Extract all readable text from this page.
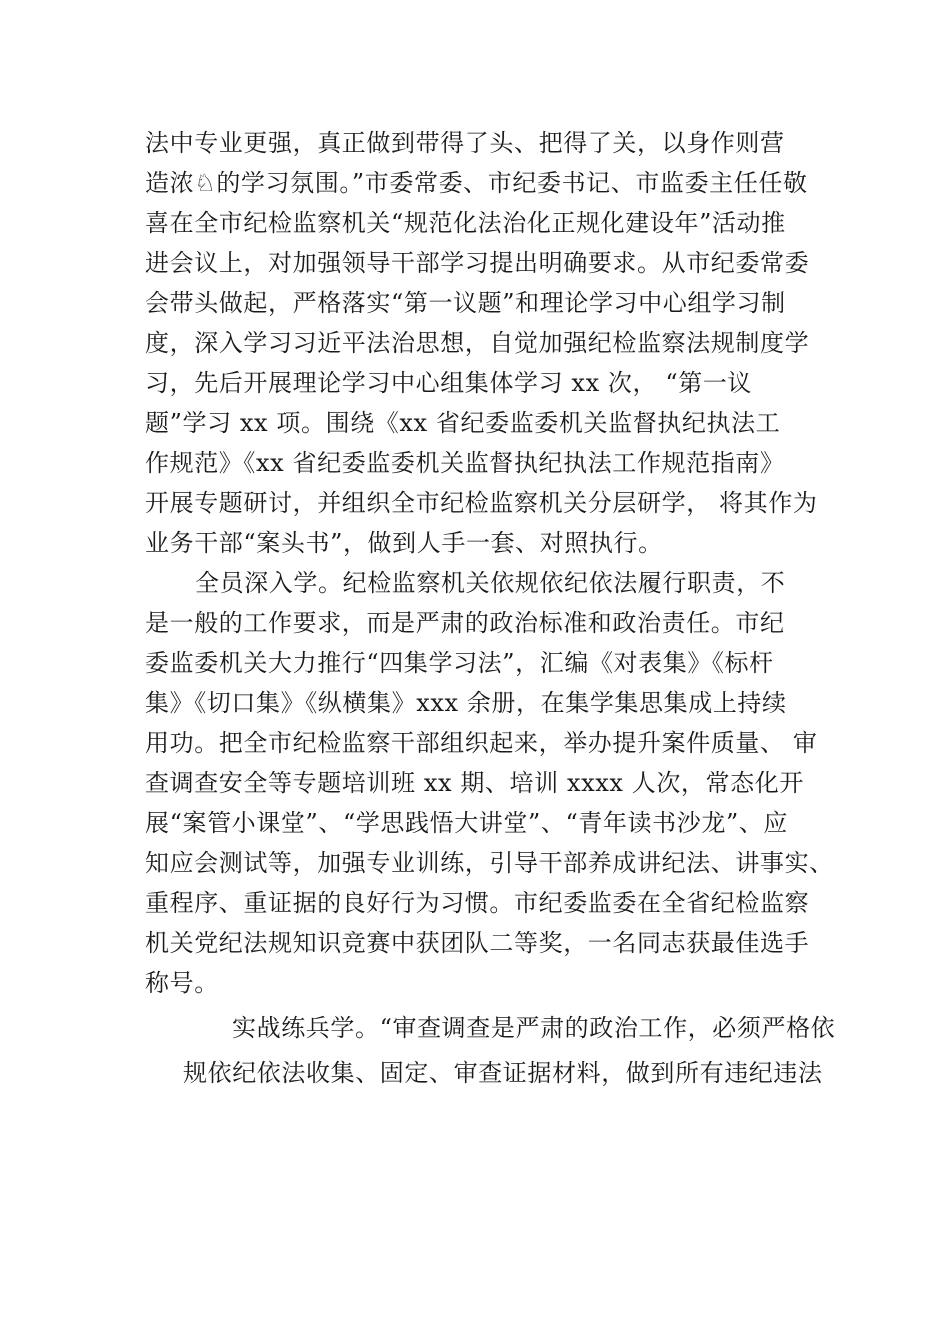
法中专业更强，真正做到带得了头、把得了关，以身作则营
造浓♘的学习氛围。”市委常委、市纪委书记、市监委主任任敬
喜在全市纪检监察机关“规范化法治化正规化建设年”活动推
进会议上，对加强领导干部学习提出明确要求。从市纪委常委
会带头做起，严格落实“第一议题”和理论学习中心组学习制
度，深入学习习近平法治思想，自觉加强纪检监察法规制度学
习，先后开展理论学习中心组集体学习 xx 次， “第一议
题”学习 xx 项。围绕《xx 省纪委监委机关监督执纪执法工
作规范》《xx 省纪委监委机关监督执纪执法工作规范指南》
开展专题研讨，并组织全市纪检监察机关分层研学， 将其作为
业务干部“案头书”，做到人手一套、对照执行。
全员深入学。纪检监察机关依规依纪依法履行职责，不
是一般的工作要求，而是严肃的政治标准和政治责任。市纪
委监委机关大力推行“四集学习法”，汇编《对表集》《标杆
集》《切口集》《纵横集》xxx 余册，在集学集思集成上持续
用功。把全市纪检监察干部组织起来，举办提升案件质量、 审
查调查安全等专题培训班 xx 期、培训 xxxx 人次，常态化开
展“案管小课堂”、“学思践悟大讲堂”、“青年读书沙龙”、应
知应会测试等，加强专业训练，引导干部养成讲纪法、讲事实、
重程序、重证据的良好行为习惯。市纪委监委在全省纪检监察
机关党纪法规知识竞赛中获团队二等奖，一名同志获最佳选手
称号。
实战练兵学。“审查调查是严肃的政治工作，必须严格依
规依纪依法收集、固定、审查证据材料，做到所有违纪违法
